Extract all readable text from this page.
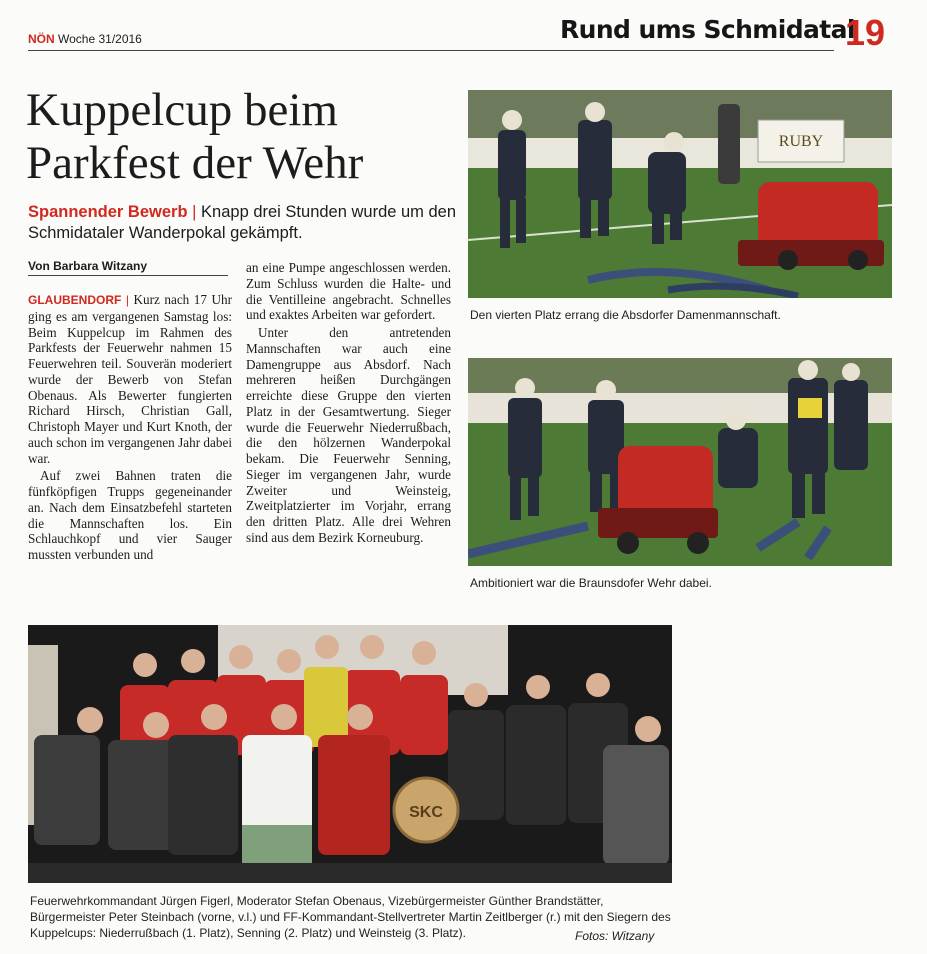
NÖN Woche 31/2016	Rund ums Schmidatal
19
Kuppelcup beim
Parkfest der Wehr
Spannender Bewerb | Knapp drei Stunden wurde um den Schmidataler Wanderpokal gekämpft.
Von Barbara Witzany

GLAUBENDORF | Kurz nach 17 Uhr ging es am vergangenen Samstag los: Beim Kuppelcup im Rahmen des Parkfests der Feuerwehr nahmen 15 Feuerwehren teil. Souverän moderiert wurde der Bewerb von Stefan Obenaus. Als Bewerter fungierten Richard Hirsch, Christian Gall, Christoph Mayer und Kurt Knoth, der auch schon im vergangenen Jahr dabei war.

Auf zwei Bahnen traten die fünfköpfigen Trupps gegeneinander an. Nach dem Einsatzbefehl starteten die Mannschaften los. Ein Schlauchkopf und vier Sauger mussten verbunden und

an eine Pumpe angeschlossen werden. Zum Schluss wurden die Halte- und die Ventilleine angebracht. Schnelles und exaktes Arbeiten war gefordert.

Unter den antretenden Mannschaften war auch eine Damengruppe aus Absdorf. Nach mehreren heißen Durchgängen erreichte diese Gruppe den vierten Platz in der Gesamtwertung. Sieger wurde die Feuerwehr Niederrußbach, die den hölzernen Wanderpokal bekam. Die Feuerwehr Senning, Sieger im vergangenen Jahr, wurde Zweiter und Weinsteig, Zweitplatzierter im Vorjahr, errang den dritten Platz. Alle drei Wehren sind aus dem Bezirk Korneuburg.

RUBY
Den vierten Platz errang die Absdorfer Damenmannschaft.
Ambitioniert war die Braunsdofer Wehr dabei.
SKC
Feuerwehrkommandant Jürgen Figerl, Moderator Stefan Obenaus, Vizebürgermeister Günther Brandstätter, Bürgermeister Peter Steinbach (vorne, v.l.) und FF-Kommandant-Stellvertreter Martin Zeitlberger (r.) mit den Siegern des Kuppelcups: Niederrußbach (1. Platz), Senning (2. Platz) und Weinsteig (3. Platz).	Fotos: Witzany
